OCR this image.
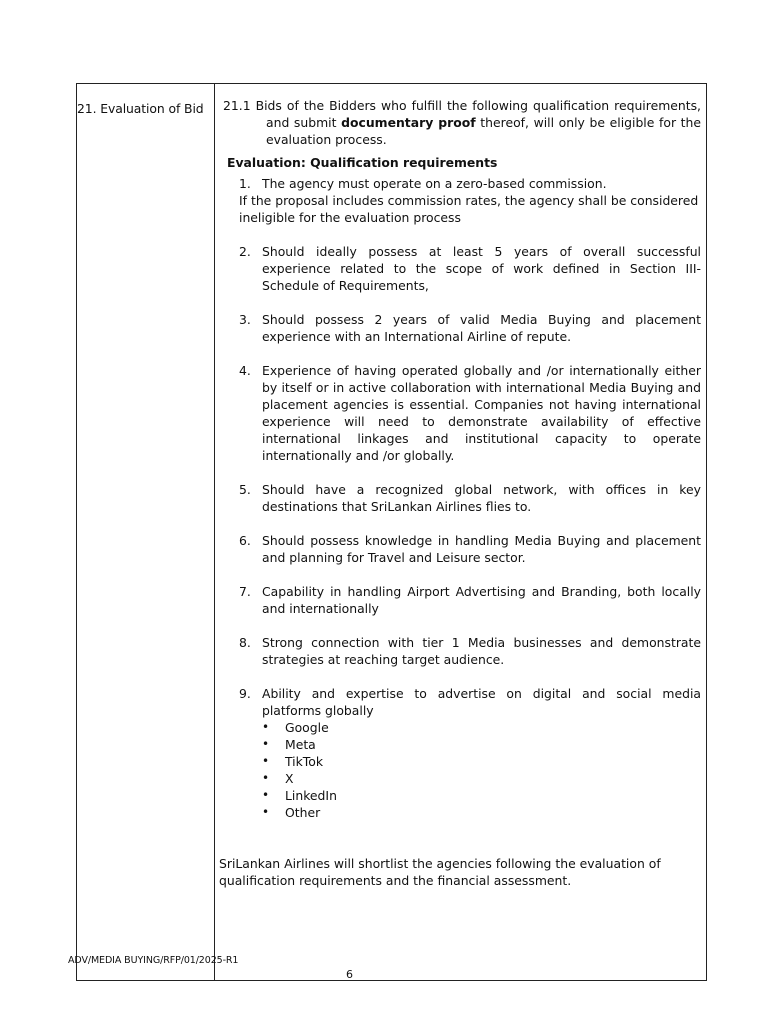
21. Evaluation of Bid 21.1 Bids of the Bidders who fulfill the following qualification requirements, and submit documentary proof thereof, will only be eligible for the evaluation process.
Evaluation: Qualification requirements
1. The agency must operate on a zero-based commission.
If the proposal includes commission rates, the agency shall be considered ineligible for the evaluation process
2. Should ideally possess at least 5 years of overall successful experience related to the scope of work defined in Section III-Schedule of Requirements,
3. Should possess 2 years of valid Media Buying and placement experience with an International Airline of repute.
4. Experience of having operated globally and /or internationally either by itself or in active collaboration with international Media Buying and placement agencies is essential. Companies not having international experience will need to demonstrate availability of effective international linkages and institutional capacity to operate internationally and /or globally.
5. Should have a recognized global network, with offices in key destinations that SriLankan Airlines flies to.
6. Should possess knowledge in handling Media Buying and placement and planning for Travel and Leisure sector.
7. Capability in handling Airport Advertising and Branding, both locally and internationally
8. Strong connection with tier 1 Media businesses and demonstrate strategies at reaching target audience.
9. Ability and expertise to advertise on digital and social media platforms globally
• Google
• Meta
• TikTok
• X
• LinkedIn
• Other
SriLankan Airlines will shortlist the agencies following the evaluation of qualification requirements and the financial assessment.
ADV/MEDIA BUYING/RFP/01/2025-R1
6
